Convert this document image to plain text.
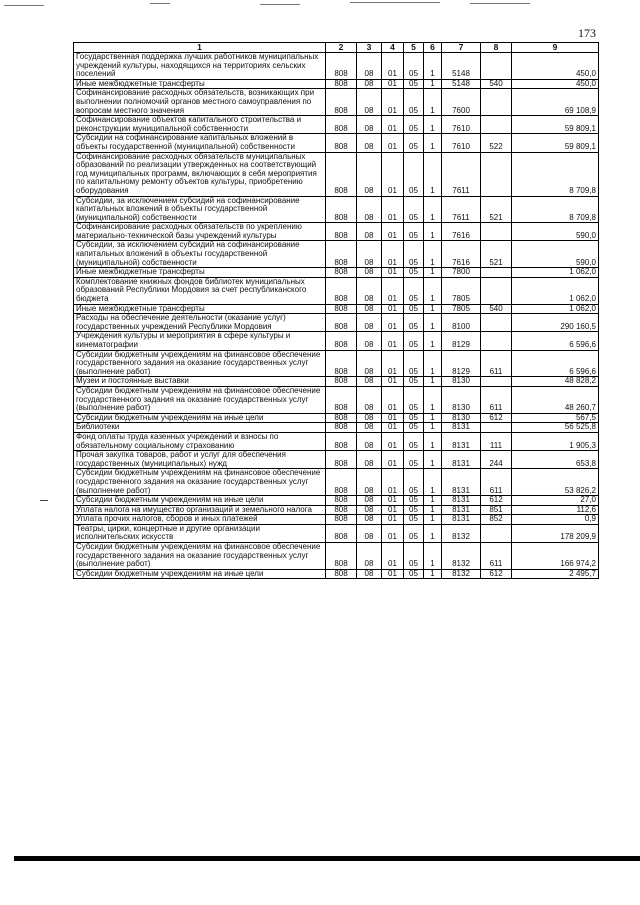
173
1	2	3	4	5	6	7	8	9
Государственная поддержка лучших работников муниципальных учреждений культуры, находящихся на территориях сельских поселений	808	08	01	05	1	5148		450,0
Иные межбюджетные трансферты	808	08	01	05	1	5148	540	450,0
Софинансирование расходных обязательств, возникающих при выполнении полномочий органов местного самоуправления по вопросам местного значения	808	08	01	05	1	7600		69 108,9
Софинансирование объектов капитального строительства и реконструкции муниципальной собственности	808	08	01	05	1	7610		59 809,1
Субсидии на софинансирование капитальных вложений в объекты государственной (муниципальной) собственности	808	08	01	05	1	7610	522	59 809,1
Софинансирование расходных обязательств муниципальных образований по реализации утвержденных на соответствующий год муниципальных программ, включающих в себя мероприятия по капитальному ремонту объектов культуры, приобретению оборудования	808	08	01	05	1	7611		8 709,8
Субсидии, за исключением субсидий на софинансирование капитальных вложений в объекты государственной (муниципальной) собственности	808	08	01	05	1	7611	521	8 709,8
Софинансирование расходных обязательств по укреплению материально-технической базы учреждений культуры	808	08	01	05	1	7616		590,0
Субсидии, за исключением субсидий на софинансирование капитальных вложений в объекты государственной (муниципальной) собственности	808	08	01	05	1	7616	521	590,0
Иные межбюджетные трансферты	808	08	01	05	1	7800		1 062,0
Комплектование книжных фондов библиотек муниципальных образований Республики Мордовия за счет республиканского бюджета	808	08	01	05	1	7805		1 062,0
Иные межбюджетные трансферты	808	08	01	05	1	7805	540	1 062,0
Расходы на обеспечение деятельности (оказание услуг) государственных учреждений Республики Мордовия	808	08	01	05	1	8100		290 160,5
Учреждения культуры и мероприятия в сфере культуры и кинематографии	808	08	01	05	1	8129		6 596,6
Субсидии бюджетным учреждениям на финансовое обеспечение государственного задания на оказание государственных услуг (выполнение работ)	808	08	01	05	1	8129	611	6 596,6
Музеи и постоянные выставки	808	08	01	05	1	8130		48 828,2
Субсидии бюджетным учреждениям на финансовое обеспечение государственного задания на оказание государственных услуг (выполнение работ)	808	08	01	05	1	8130	611	48 260,7
Субсидии бюджетным учреждениям на иные цели	808	08	01	05	1	8130	612	567,5
Библиотеки	808	08	01	05	1	8131		56 525,8
Фонд оплаты труда казенных учреждений и взносы по обязательному социальному страхованию	808	08	01	05	1	8131	111	1 905,3
Прочая закупка товаров, работ и услуг для обеспечения государственных (муниципальных) нужд	808	08	01	05	1	8131	244	653,8
Субсидии бюджетным учреждениям на финансовое обеспечение государственного задания на оказание государственных услуг (выполнение работ)	808	08	01	05	1	8131	611	53 826,2
Субсидии бюджетным учреждениям на иные цели	808	08	01	05	1	8131	612	27,0
Уплата налога на имущество организаций и земельного налога	808	08	01	05	1	8131	851	112,6
Уплата прочих налогов, сборов и иных платежей	808	08	01	05	1	8131	852	0,9
Театры, цирки, концертные и другие организации исполнительских искусств	808	08	01	05	1	8132		178 209,9
Субсидии бюджетным учреждениям на финансовое обеспечение государственного задания на оказание государственных услуг (выполнение работ)	808	08	01	05	1	8132	611	166 974,2
Субсидии бюджетным учреждениям на иные цели	808	08	01	05	1	8132	612	2 495,7
